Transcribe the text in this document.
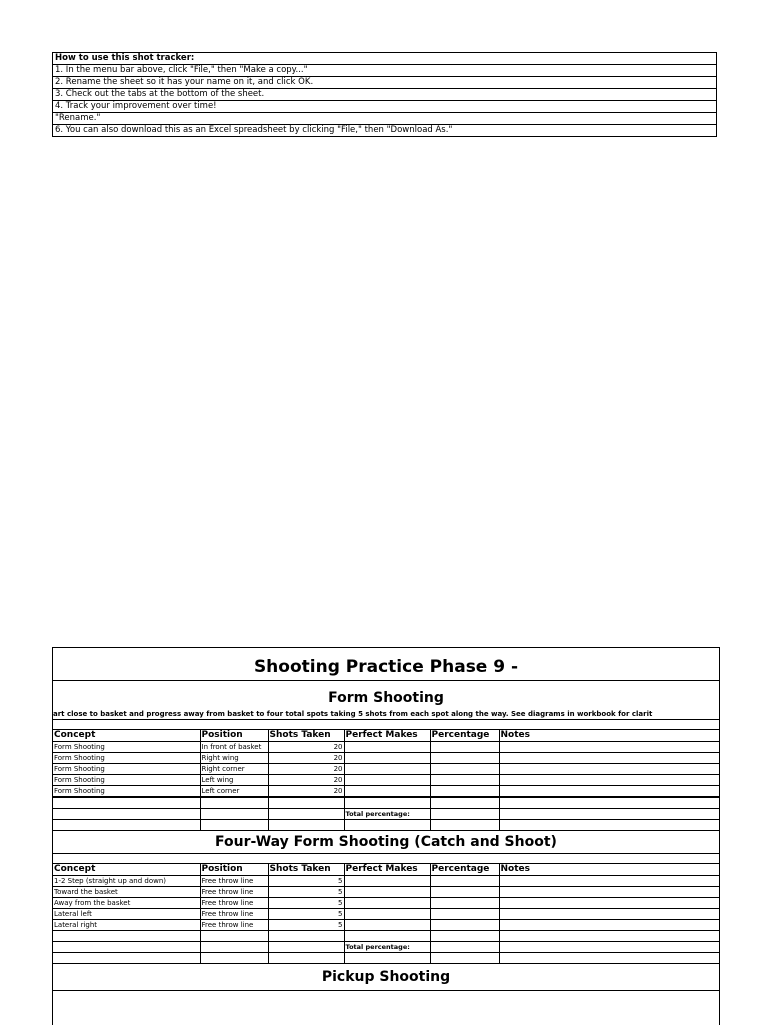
How to use this shot tracker:
1. In the menu bar above, click "File," then "Make a copy..."
2. Rename the sheet so it has your name on it, and click OK.
3. Check out the tabs at the bottom of the sheet.
4. Track your improvement over time!
"Rename."
6. You can also download this as an Excel spreadsheet by clicking "File," then "Download As."
Shooting Practice Phase 9 -
Form Shooting
art close to basket and progress away from basket to four total spots taking 5 shots from each spot along the way. See diagrams in workbook for clarit
Concept	Position	Shots Taken	Perfect Makes	Percentage	Notes
Form Shooting	In front of basket	20			
Form Shooting	Right wing	20			
Form Shooting	Right corner	20			
Form Shooting	Left wing	20			
Form Shooting	Left corner	20			

			Total percentage:		

Four-Way Form Shooting (Catch and Shoot)
Concept	Position	Shots Taken	Perfect Makes	Percentage	Notes
1-2 Step (straight up and down)	Free throw line	5			
Toward the basket	Free throw line	5			
Away from the basket	Free throw line	5			
Lateral left	Free throw line	5			
Lateral right	Free throw line	5			

			Total percentage:		

Pickup Shooting
